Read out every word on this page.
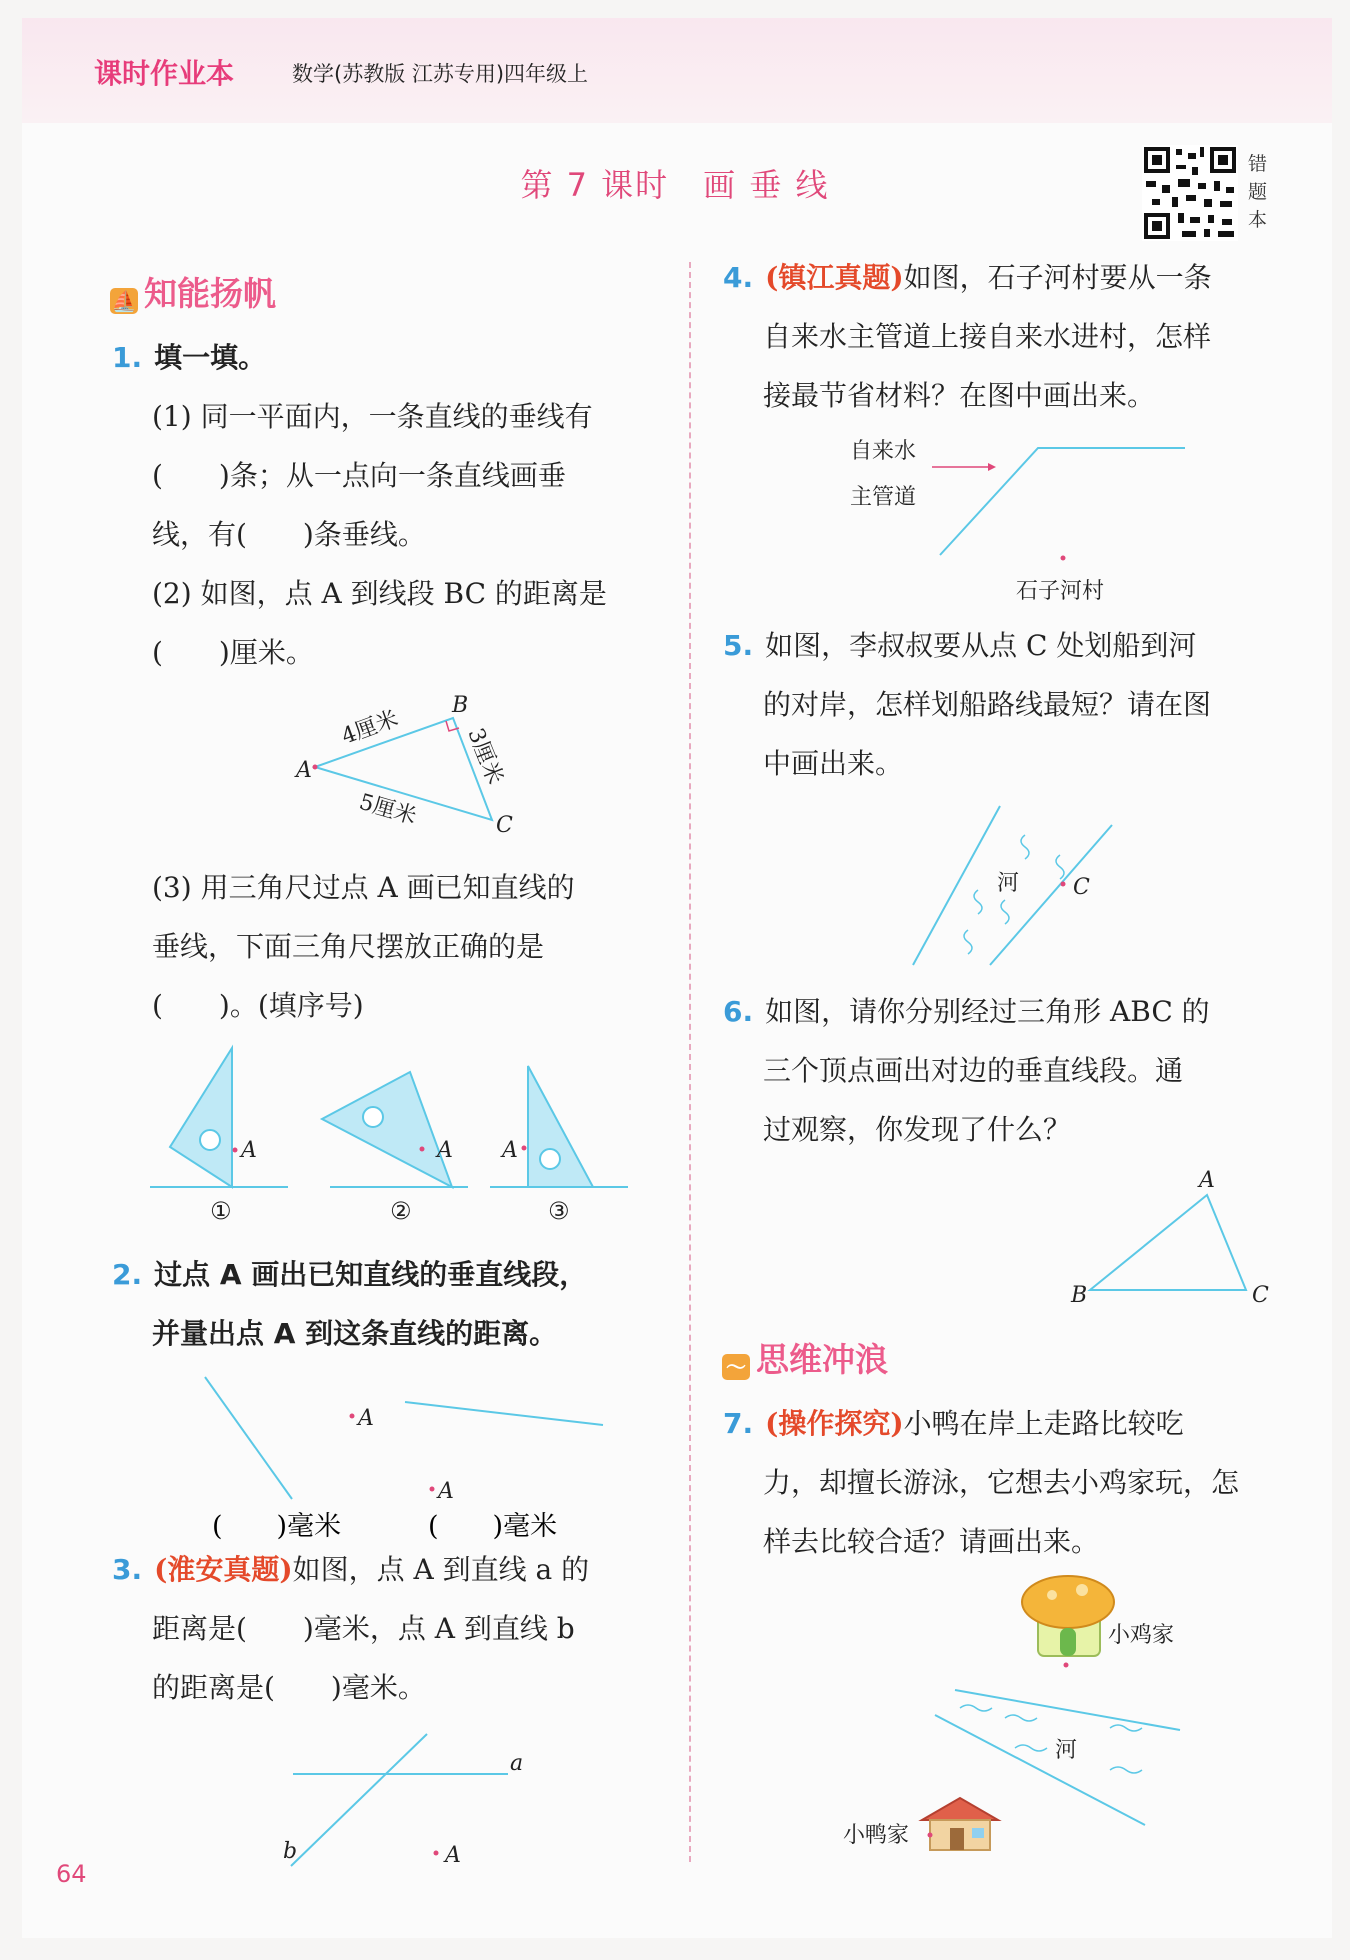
课时作业本	数学(苏教版 江苏专用)四年级上
第 7 课时　画 垂 线
错题本
⛵ 知能扬帆
1. 填一填。
(1) 同一平面内，一条直线的垂线有
(　　)条；从一点向一条直线画垂
线，有(　　)条垂线。
(2) 如图，点 A 到线段 BC 的距离是
(　　)厘米。
(3) 用三角尺过点 A 画已知直线的
垂线，下面三角尺摆放正确的是
(　　)。(填序号)
2. 过点 A 画出已知直线的垂直线段，
并量出点 A 到这条直线的距离。
3. (淮安真题)如图，点 A 到直线 a 的
距离是(　　)毫米，点 A 到直线 b
的距离是(　　)毫米。
4. (镇江真题)如图，石子河村要从一条
自来水主管道上接自来水进村，怎样
接最节省材料？在图中画出来。
5. 如图，李叔叔要从点 C 处划船到河
的对岸，怎样划船路线最短？请在图
中画出来。
6. 如图，请你分别经过三角形 ABC 的
三个顶点画出对边的垂直线段。通
过观察，你发现了什么？
〜 思维冲浪
7. (操作探究)小鸭在岸上走路比较吃
力，却擅长游泳，它想去小鸡家玩，怎
样去比较合适？请画出来。
A
B
C
4厘米	3厘米
5厘米
A
①
A
②
A
③
A
A
(　　)毫米	(　　)毫米
a
b	A
自来水
主管道
石子河村
河 C
A
B	C
河
小鸡家
小鸭家
64
